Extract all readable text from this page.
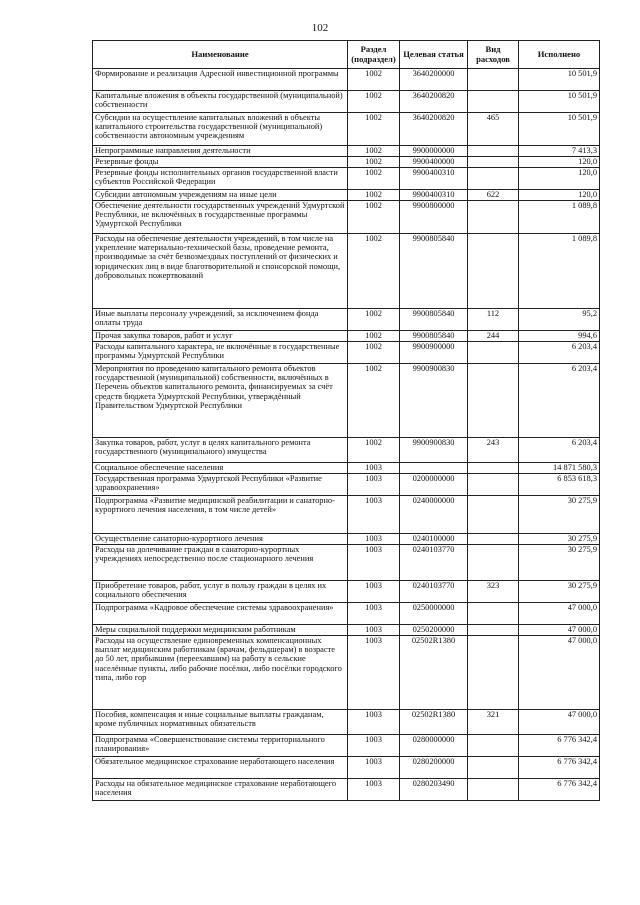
102
Наименование	Раздел (подраздел)	Целевая статья	Вид расходов	Исполнено
Формирование и реализация Адресной инвестиционной программы	1002	3640200000		10 501,9
Капитальные вложения в объекты государственной (муниципальной) собственности	1002	3640200820		10 501,9
Субсидии на осуществление капитальных вложений в объекты капитального строительства государственной (муниципальной) собственности автономным учреждениям	1002	3640200820	465	10 501,9
Непрограммные направления деятельности	1002	9900000000		7 413,3
Резервные фонды	1002	9900400000		120,0
Резервные фонды исполнительных органов государственной власти субъектов Российской Федерации	1002	9900400310		120,0
Субсидии автономным учреждениям на иные цели	1002	9900400310	622	120,0
Обеспечение деятельности государственных учреждений Удмуртской Республики, не включённых в государственные программы Удмуртской Республики	1002	9900800000		1 089,8
Расходы на обеспечение деятельности учреждений, в том числе на укрепление материально-технической базы, проведение ремонта, производимые за счёт безвозмездных поступлений от физических и юридических лиц в виде благотворительной и спонсорской помощи, добровольных пожертвований	1002	9900805840		1 089,8
Иные выплаты персоналу учреждений, за исключением фонда оплаты труда	1002	9900805840	112	95,2
Прочая закупка товаров, работ и услуг	1002	9900805840	244	994,6
Расходы капитального характера, не включённые в государственные программы Удмуртской Республики	1002	9900900000		6 203,4
Мероприятия по проведению капитального ремонта объектов государственной (муниципальной) собственности, включённых в Перечень объектов капитального ремонта, финансируемых за счёт средств бюджета Удмуртской Республики, утверждённый Правительством Удмуртской Республики	1002	9900900830		6 203,4
Закупка товаров, работ, услуг в целях капитального ремонта государственного (муниципального) имущества	1002	9900900830	243	6 203,4
Социальное обеспечение населения	1003			14 871 580,3
Государственная программа Удмуртской Республики «Развитие здравоохранения»	1003	0200000000		6 853 618,3
Подпрограмма «Развитие медицинской реабилитации и санаторно-курортного лечения населения, в том числе детей»	1003	0240000000		30 275,9
Осуществление санаторно-курортного лечения	1003	0240100000		30 275,9
Расходы на долечивание граждан в санаторно-курортных учреждениях непосредственно после стационарного лечения	1003	0240103770		30 275,9
Приобретение товаров, работ, услуг в пользу граждан в целях их социального обеспечения	1003	0240103770	323	30 275,9
Подпрограмма «Кадровое обеспечение системы здравоохранения»	1003	0250000000		47 000,0
Меры социальной поддержки медицинским работникам	1003	0250200000		47 000,0
Расходы на осуществление единовременных компенсационных выплат медицинским работникам (врачам, фельдшерам) в возрасте до 50 лет, прибывшим (переехавшим) на работу в сельские населённые пункты, либо рабочие посёлки, либо посёлки городского типа, либо гор	1003	02502R1380		47 000,0
Пособия, компенсация и иные социальные выплаты гражданам, кроме публичных нормативных обязательств	1003	02502R1380	321	47 000,0
Подпрограмма «Совершенствование системы территориального планирования»	1003	0280000000		6 776 342,4
Обязательное медицинское страхование неработающего населения	1003	0280200000		6 776 342,4
Расходы на обязательное медицинское страхование неработающего населения	1003	0280203490		6 776 342,4
